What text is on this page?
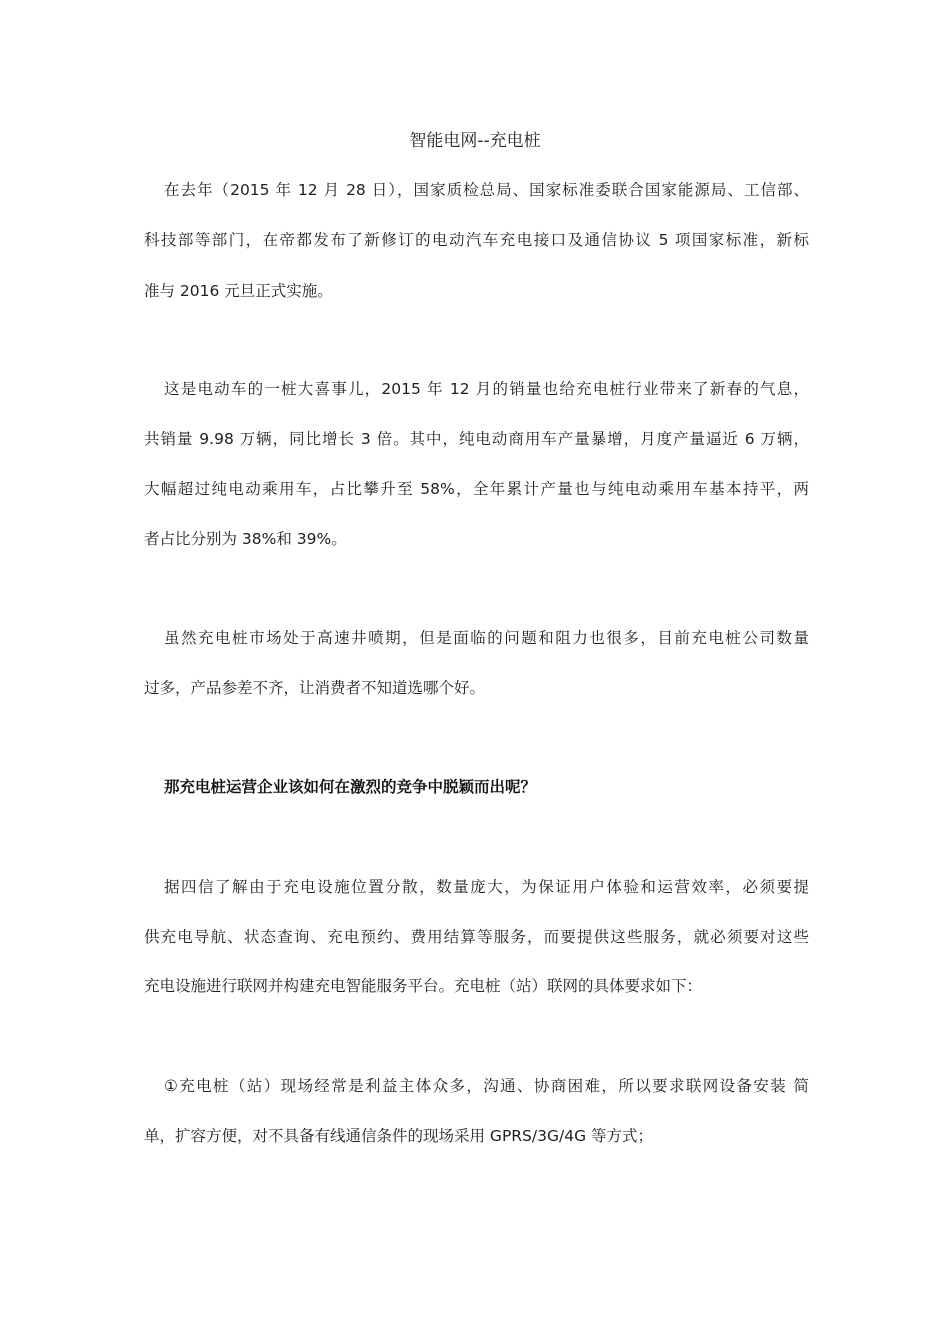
智能电网--充电桩
在去年（2015 年 12 月 28 日），国家质检总局、国家标准委联合国家能源局、工信部、
科技部等部门，在帝都发布了新修订的电动汽车充电接口及通信协议 5 项国家标准，新标
准与 2016 元旦正式实施。
这是电动车的一桩大喜事儿，2015 年 12 月的销量也给充电桩行业带来了新春的气息，
共销量 9.98 万辆，同比增长 3 倍。其中，纯电动商用车产量暴增，月度产量逼近 6 万辆，
大幅超过纯电动乘用车，占比攀升至 58%，全年累计产量也与纯电动乘用车基本持平，两
者占比分别为 38%和 39%。
虽然充电桩市场处于高速井喷期，但是面临的问题和阻力也很多，目前充电桩公司数量
过多，产品参差不齐，让消费者不知道选哪个好。
那充电桩运营企业该如何在激烈的竞争中脱颖而出呢？
据四信了解由于充电设施位置分散，数量庞大，为保证用户体验和运营效率，必须要提
供充电导航、状态查询、充电预约、费用结算等服务，而要提供这些服务，就必须要对这些
充电设施进行联网并构建充电智能服务平台。充电桩（站）联网的具体要求如下：
①充电桩（站）现场经常是利益主体众多，沟通、协商困难，所以要求联网设备安装 简
单，扩容方便，对不具备有线通信条件的现场采用 GPRS/3G/4G 等方式；
